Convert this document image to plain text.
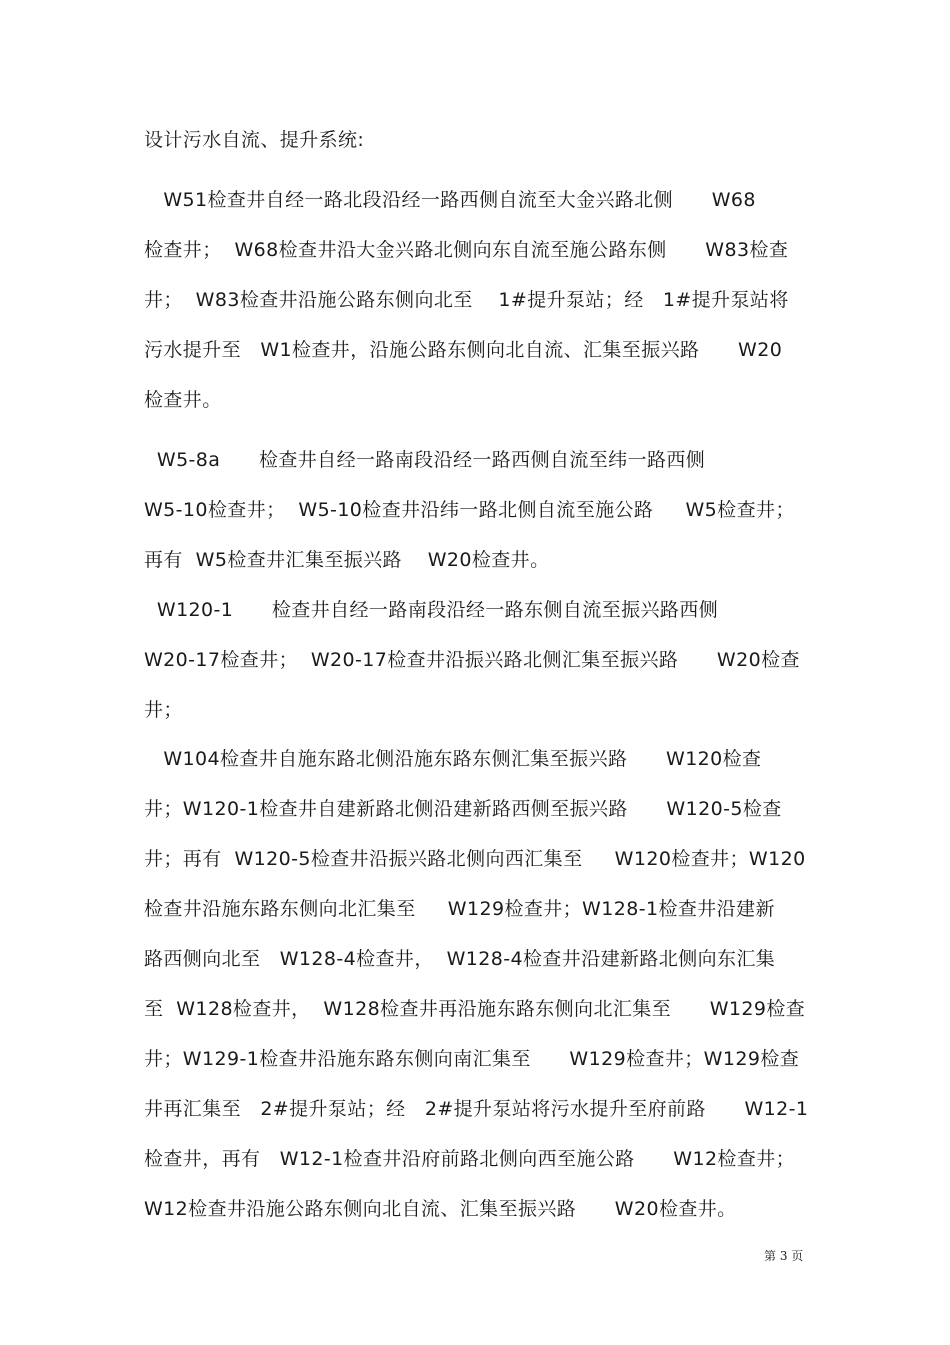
设计污水自流、提升系统:

W51检查井自经一路北段沿经一路西侧自流至大金兴路北侧      W68

检查井；  W68检查井沿大金兴路北侧向东自流至施公路东侧      W83检查

井；  W83检查井沿施公路东侧向北至    1#提升泵站；经   1#提升泵站将

污水提升至   W1检查井，沿施公路东侧向北自流、汇集至振兴路      W20

检查井。

W5-8a      检查井自经一路南段沿经一路西侧自流至纬一路西侧

W5-10检查井；  W5-10检查井沿纬一路北侧自流至施公路     W5检查井；

再有  W5检查井汇集至振兴路    W20检查井。

W120-1      检查井自经一路南段沿经一路东侧自流至振兴路西侧

W20-17检查井；  W20-17检查井沿振兴路北侧汇集至振兴路      W20检查

井；

W104检查井自施东路北侧沿施东路东侧汇集至振兴路      W120检查

井；W120-1检查井自建新路北侧沿建新路西侧至振兴路      W120-5检查

井；再有  W120-5检查井沿振兴路北侧向西汇集至     W120检查井；W120

检查井沿施东路东侧向北汇集至     W129检查井；W128-1检查井沿建新

路西侧向北至   W128-4检查井，  W128-4检查井沿建新路北侧向东汇集

至  W128检查井，  W128检查井再沿施东路东侧向北汇集至      W129检查

井；W129-1检查井沿施东路东侧向南汇集至      W129检查井；W129检查

井再汇集至   2#提升泵站；经   2#提升泵站将污水提升至府前路      W12-1

检查井，再有   W12-1检查井沿府前路北侧向西至施公路      W12检查井；

W12检查井沿施公路东侧向北自流、汇集至振兴路      W20检查井。

第 3 页
